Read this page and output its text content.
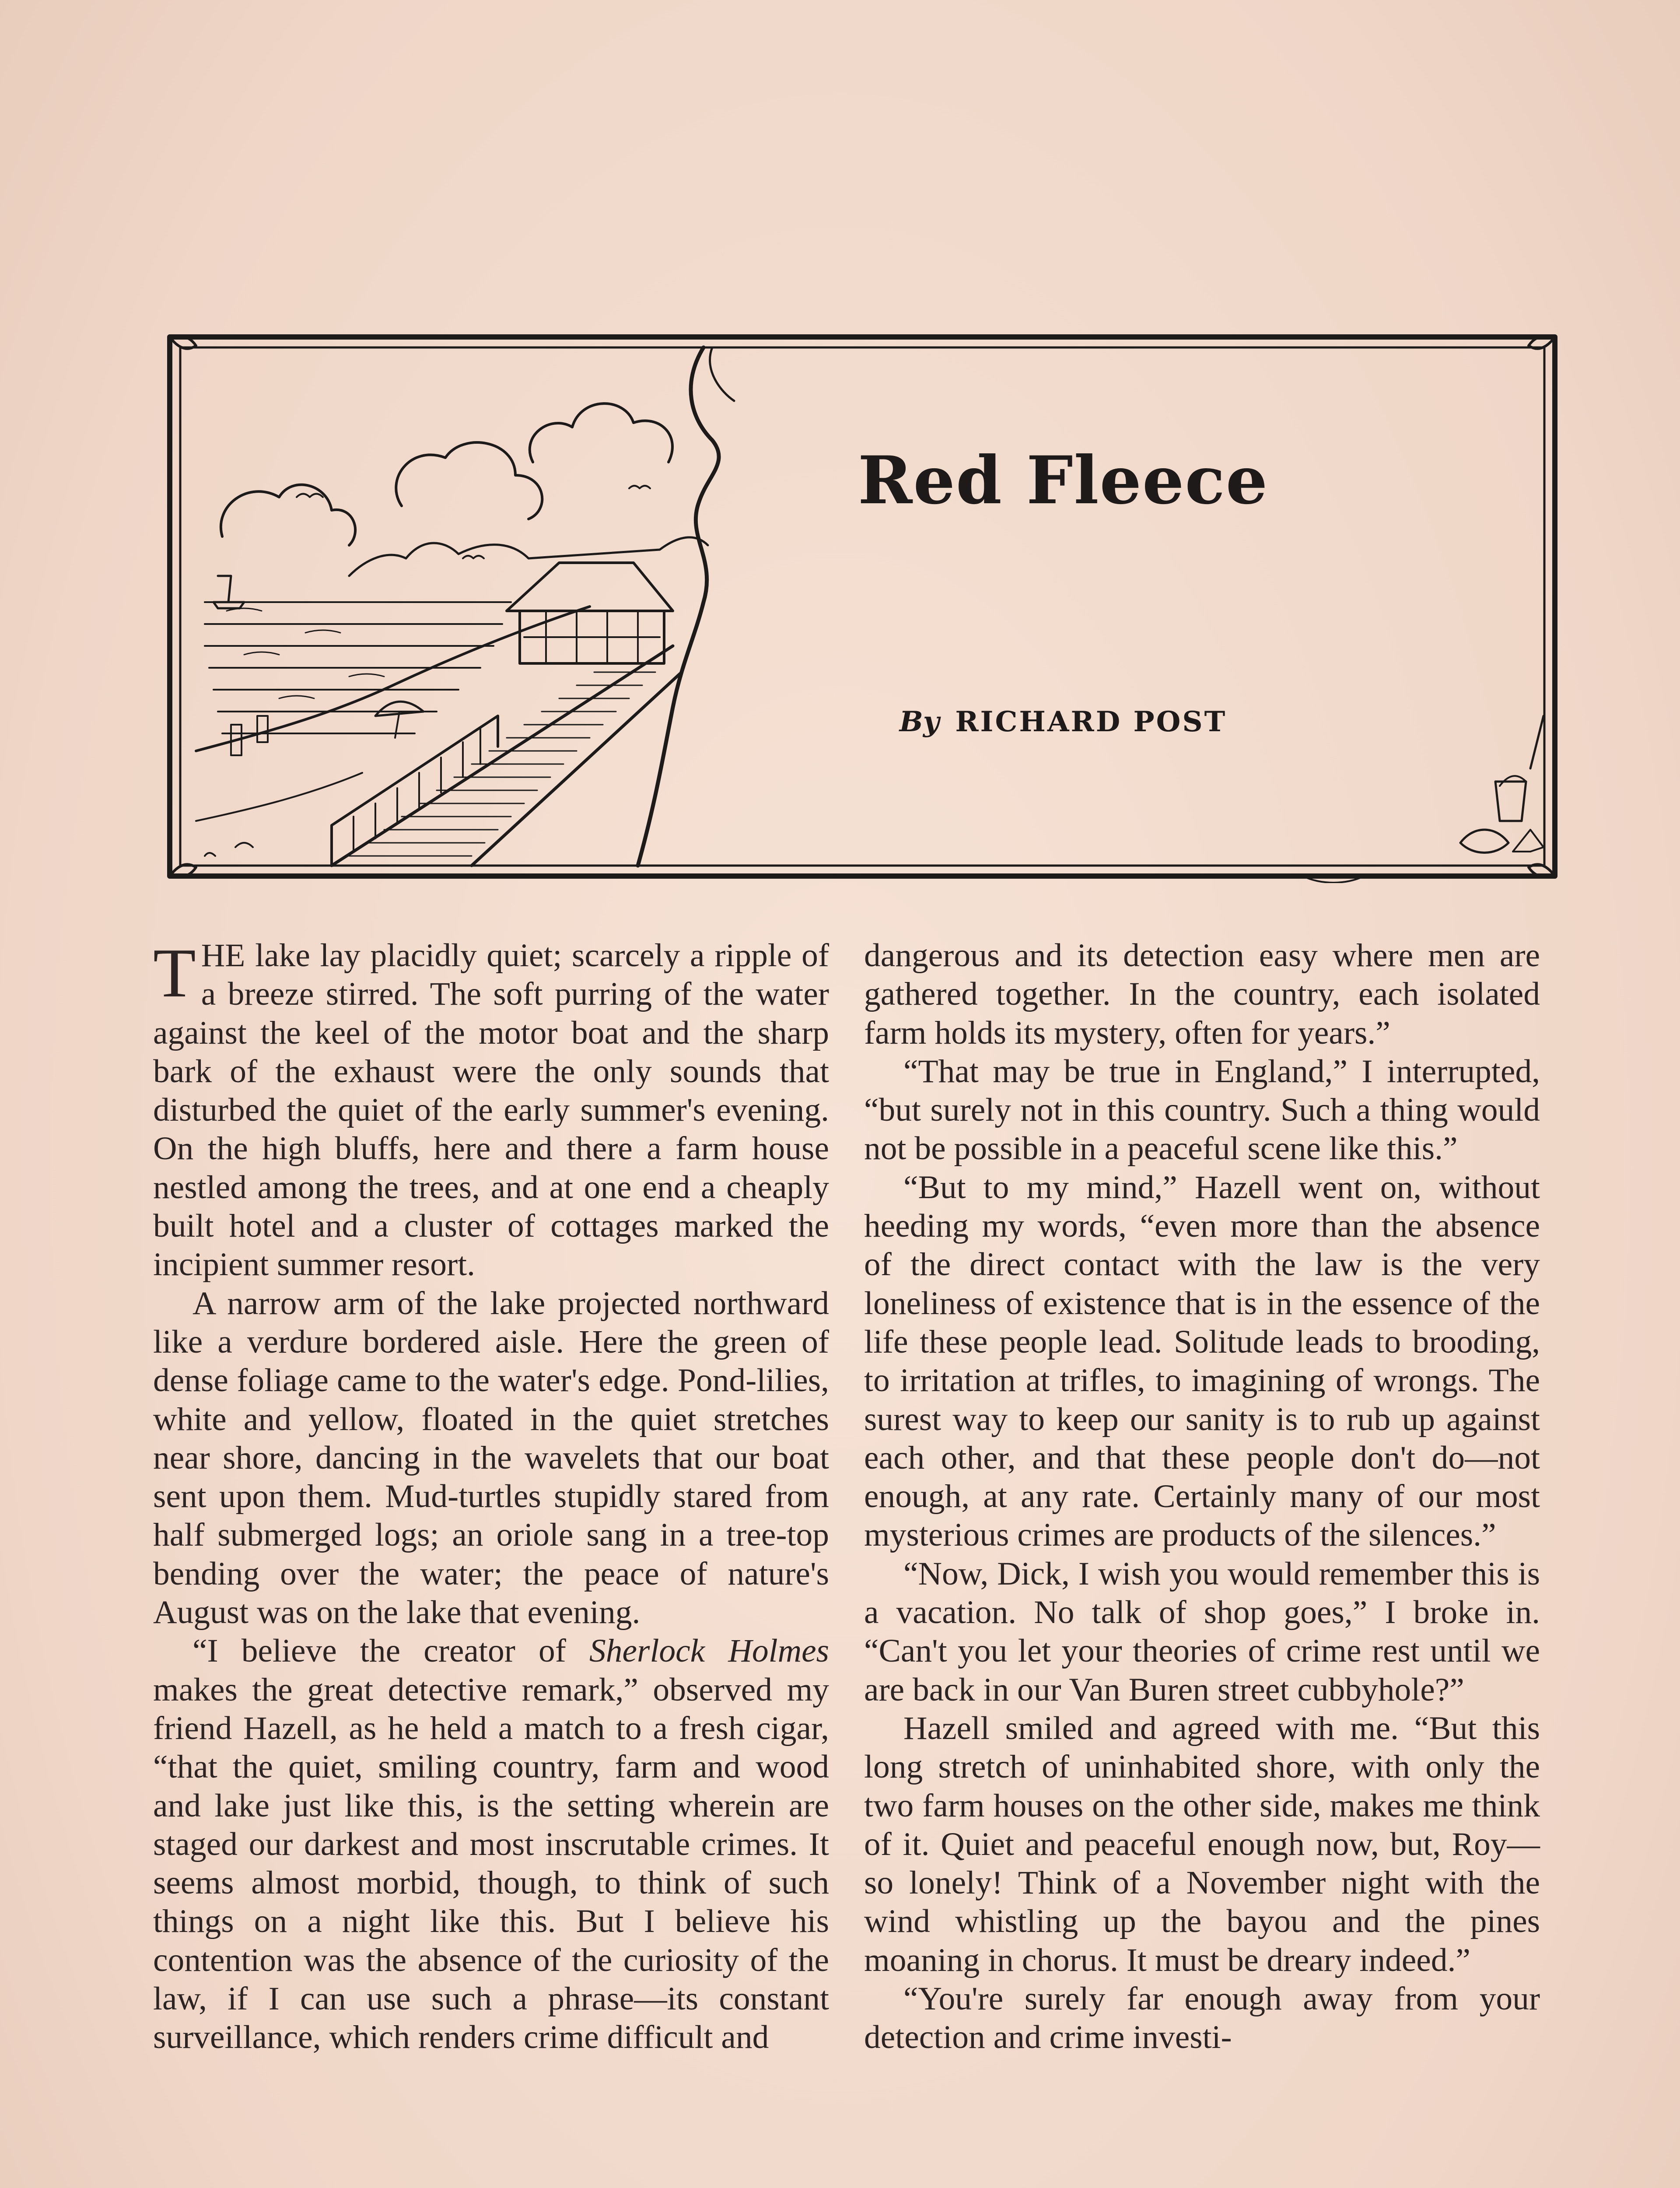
Red Fleece
By RICHARD POST

THE lake lay placidly quiet; scarcely a ripple of a breeze stirred. The soft purring of the water against the keel of the motor boat and the sharp bark of the exhaust were the only sounds that disturbed the quiet of the early summer's evening. On the high bluffs, here and there a farm house nestled among the trees, and at one end a cheaply built hotel and a cluster of cottages marked the incipient summer resort.

A narrow arm of the lake projected northward like a verdure bordered aisle. Here the green of dense foliage came to the water's edge. Pond-lilies, white and yellow, floated in the quiet stretches near shore, dancing in the wavelets that our boat sent upon them. Mud-turtles stupidly stared from half submerged logs; an oriole sang in a tree-top bending over the water; the peace of nature's August was on the lake that evening.

“I believe the creator of Sherlock Holmes makes the great detective remark,” observed my friend Hazell, as he held a match to a fresh cigar, “that the quiet, smiling country, farm and wood and lake just like this, is the setting wherein are staged our darkest and most inscrutable crimes. It seems almost morbid, though, to think of such things on a night like this. But I believe his contention was the absence of the curiosity of the law, if I can use such a phrase—its constant surveillance, which renders crime difficult and

dangerous and its detection easy where men are gathered together. In the country, each isolated farm holds its mystery, often for years.”

“That may be true in England,” I interrupted, “but surely not in this country. Such a thing would not be possible in a peaceful scene like this.”

“But to my mind,” Hazell went on, without heeding my words, “even more than the absence of the direct contact with the law is the very loneliness of existence that is in the essence of the life these people lead. Solitude leads to brooding, to irritation at trifles, to imagining of wrongs. The surest way to keep our sanity is to rub up against each other, and that these people don't do—not enough, at any rate. Certainly many of our most mysterious crimes are products of the silences.”

“Now, Dick, I wish you would remember this is a vacation. No talk of shop goes,” I broke in. “Can't you let your theories of crime rest until we are back in our Van Buren street cubbyhole?”

Hazell smiled and agreed with me. “But this long stretch of uninhabited shore, with only the two farm houses on the other side, makes me think of it. Quiet and peaceful enough now, but, Roy—so lonely! Think of a November night with the wind whistling up the bayou and the pines moaning in chorus. It must be dreary indeed.”

“You're surely far enough away from your detection and crime investi-
